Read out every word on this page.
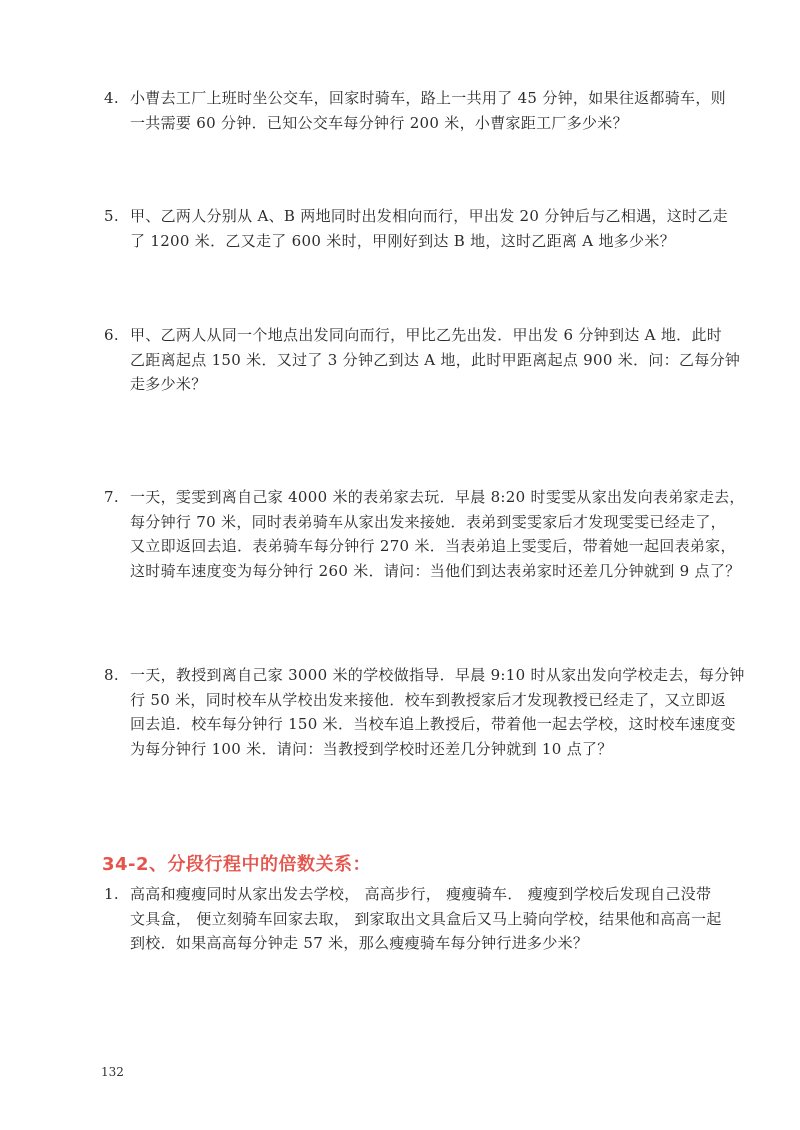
4. 小曹去工厂上班时坐公交车，回家时骑车，路上一共用了 45 分钟，如果往返都骑车，则
一共需要 60 分钟．已知公交车每分钟行 200 米，小曹家距工厂多少米？
5. 甲、乙两人分别从 A、B 两地同时出发相向而行，甲出发 20 分钟后与乙相遇，这时乙走
了 1200 米．乙又走了 600 米时，甲刚好到达 B 地，这时乙距离 A 地多少米？
6. 甲、乙两人从同一个地点出发同向而行，甲比乙先出发．甲出发 6 分钟到达 A 地．此时
乙距离起点 150 米．又过了 3 分钟乙到达 A 地，此时甲距离起点 900 米．问：乙每分钟
走多少米？
7. 一天，雯雯到离自己家 4000 米的表弟家去玩．早晨 8:20 时雯雯从家出发向表弟家走去，
每分钟行 70 米，同时表弟骑车从家出发来接她．表弟到雯雯家后才发现雯雯已经走了，
又立即返回去追．表弟骑车每分钟行 270 米．当表弟追上雯雯后，带着她一起回表弟家，
这时骑车速度变为每分钟行 260 米．请问：当他们到达表弟家时还差几分钟就到 9 点了？
8. 一天，教授到离自己家 3000 米的学校做指导．早晨 9:10 时从家出发向学校走去，每分钟
行 50 米，同时校车从学校出发来接他．校车到教授家后才发现教授已经走了，又立即返
回去追．校车每分钟行 150 米．当校车追上教授后，带着他一起去学校，这时校车速度变
为每分钟行 100 米．请问：当教授到学校时还差几分钟就到 10 点了？
34-2、分段行程中的倍数关系：
1. 高高和瘦瘦同时从家出发去学校， 高高步行， 瘦瘦骑车． 瘦瘦到学校后发现自己没带
文具盒， 便立刻骑车回家去取， 到家取出文具盒后又马上骑向学校，结果他和高高一起
到校．如果高高每分钟走 57 米，那么瘦瘦骑车每分钟行进多少米？
132
